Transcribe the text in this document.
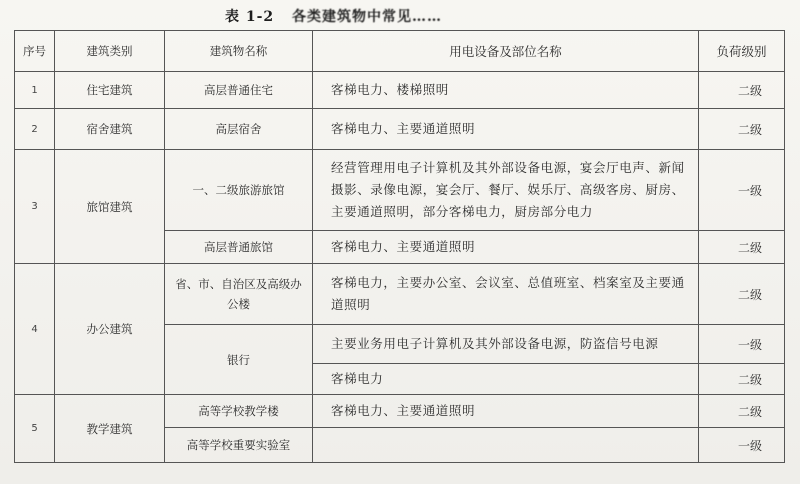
表 1-2 各类建筑物中常见……
序号	建筑类别	建筑物名称	用电设备及部位名称	负荷级别
1	住宅建筑	高层普通住宅	客梯电力、楼梯照明	二级
2	宿舍建筑	高层宿舍	客梯电力、主要通道照明	二级
3	旅馆建筑	一、二级旅游旅馆	经营管理用电子计算机及其外部设备电源，宴会厅电声、新闻摄影、录像电源，宴会厅、餐厅、娱乐厅、高级客房、厨房、主要通道照明，部分客梯电力，厨房部分电力	一级
		高层普通旅馆	客梯电力、主要通道照明	二级
4	办公建筑	省、市、自治区及高级办公楼	客梯电力，主要办公室、会议室、总值班室、档案室及主要通道照明	二级
		银行	主要业务用电子计算机及其外部设备电源，防盗信号电源	一级
			客梯电力	二级
5	教学建筑	高等学校教学楼	客梯电力、主要通道照明	二级
		高等学校重要实验室		一级
